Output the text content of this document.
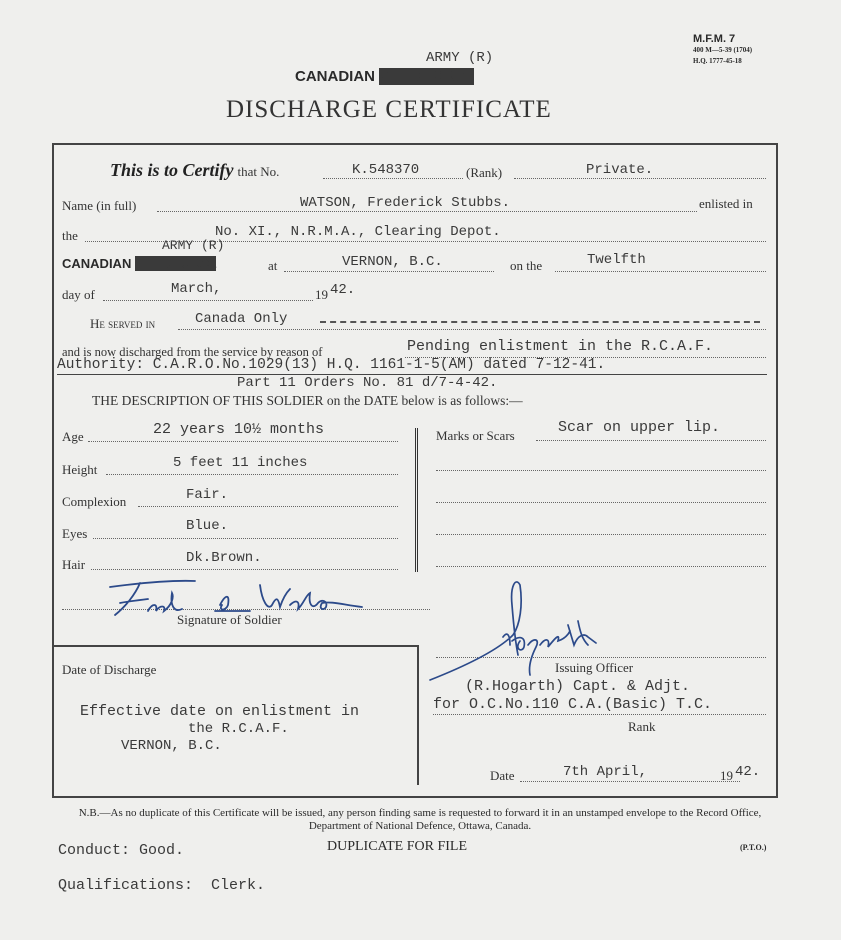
M.F.M. 7
400 M—5-39 (1704)
H.Q. 1777-45-18
ARMY (R)
CANADIAN FIELD FORCE
DISCHARGE CERTIFICATE
This is to Certify that No.	K.548370	(Rank)	Private.
Name (in full)	WATSON, Frederick Stubbs.	enlisted in
the	No. XI., N.R.M.A., Clearing Depot.
ARMY (R)
CANADIAN FIELD FORCE	at	VERNON, B.C.	on the	Twelfth
day of	March,	19 42.
He served in	Canada Only
and is now discharged from the service by reason of	Pending enlistment in the R.C.A.F.
Authority: C.A.R.O.No.1029(13) H.Q. 1161-1-5(AM) dated 7-12-41.
Part 11 Orders No. 81 d/7-4-42.
THE DESCRIPTION OF THIS SOLDIER on the DATE below is as follows:—
Age	22 years 10½ months
Height	5 feet 11 inches
Complexion	Fair.
Eyes	Blue.
Hair	Dk.Brown.
Marks or Scars	Scar on upper lip.
Signature of Soldier
Date of Discharge
Effective date on enlistment in
the R.C.A.F.
VERNON, B.C.
Issuing Officer
(R.Hogarth) Capt. & Adjt.
for O.C.No.110 C.A.(Basic) T.C.
Rank
Date	7th April,	19 42.
N.B.—As no duplicate of this Certificate will be issued, any person finding same is requested to forward it in an unstamped envelope to the Record Office, Department of National Defence, Ottawa, Canada.
Conduct: Good.	DUPLICATE FOR FILE	(P.T.O.)
Qualifications:  Clerk.
